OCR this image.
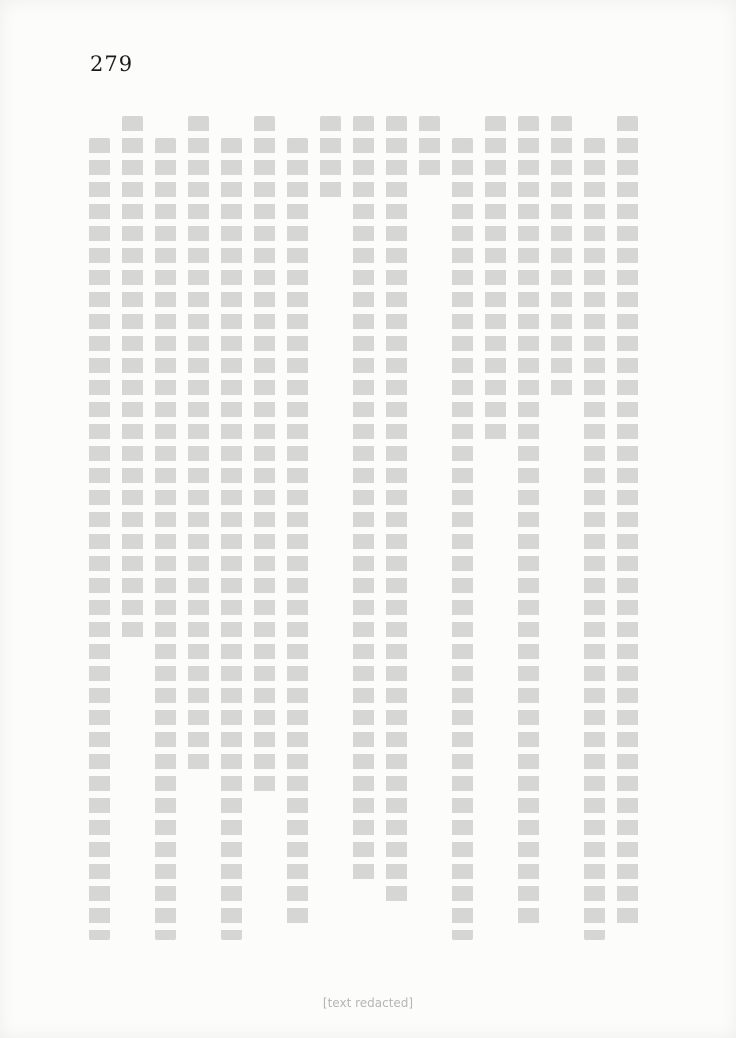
279
[text redacted]
